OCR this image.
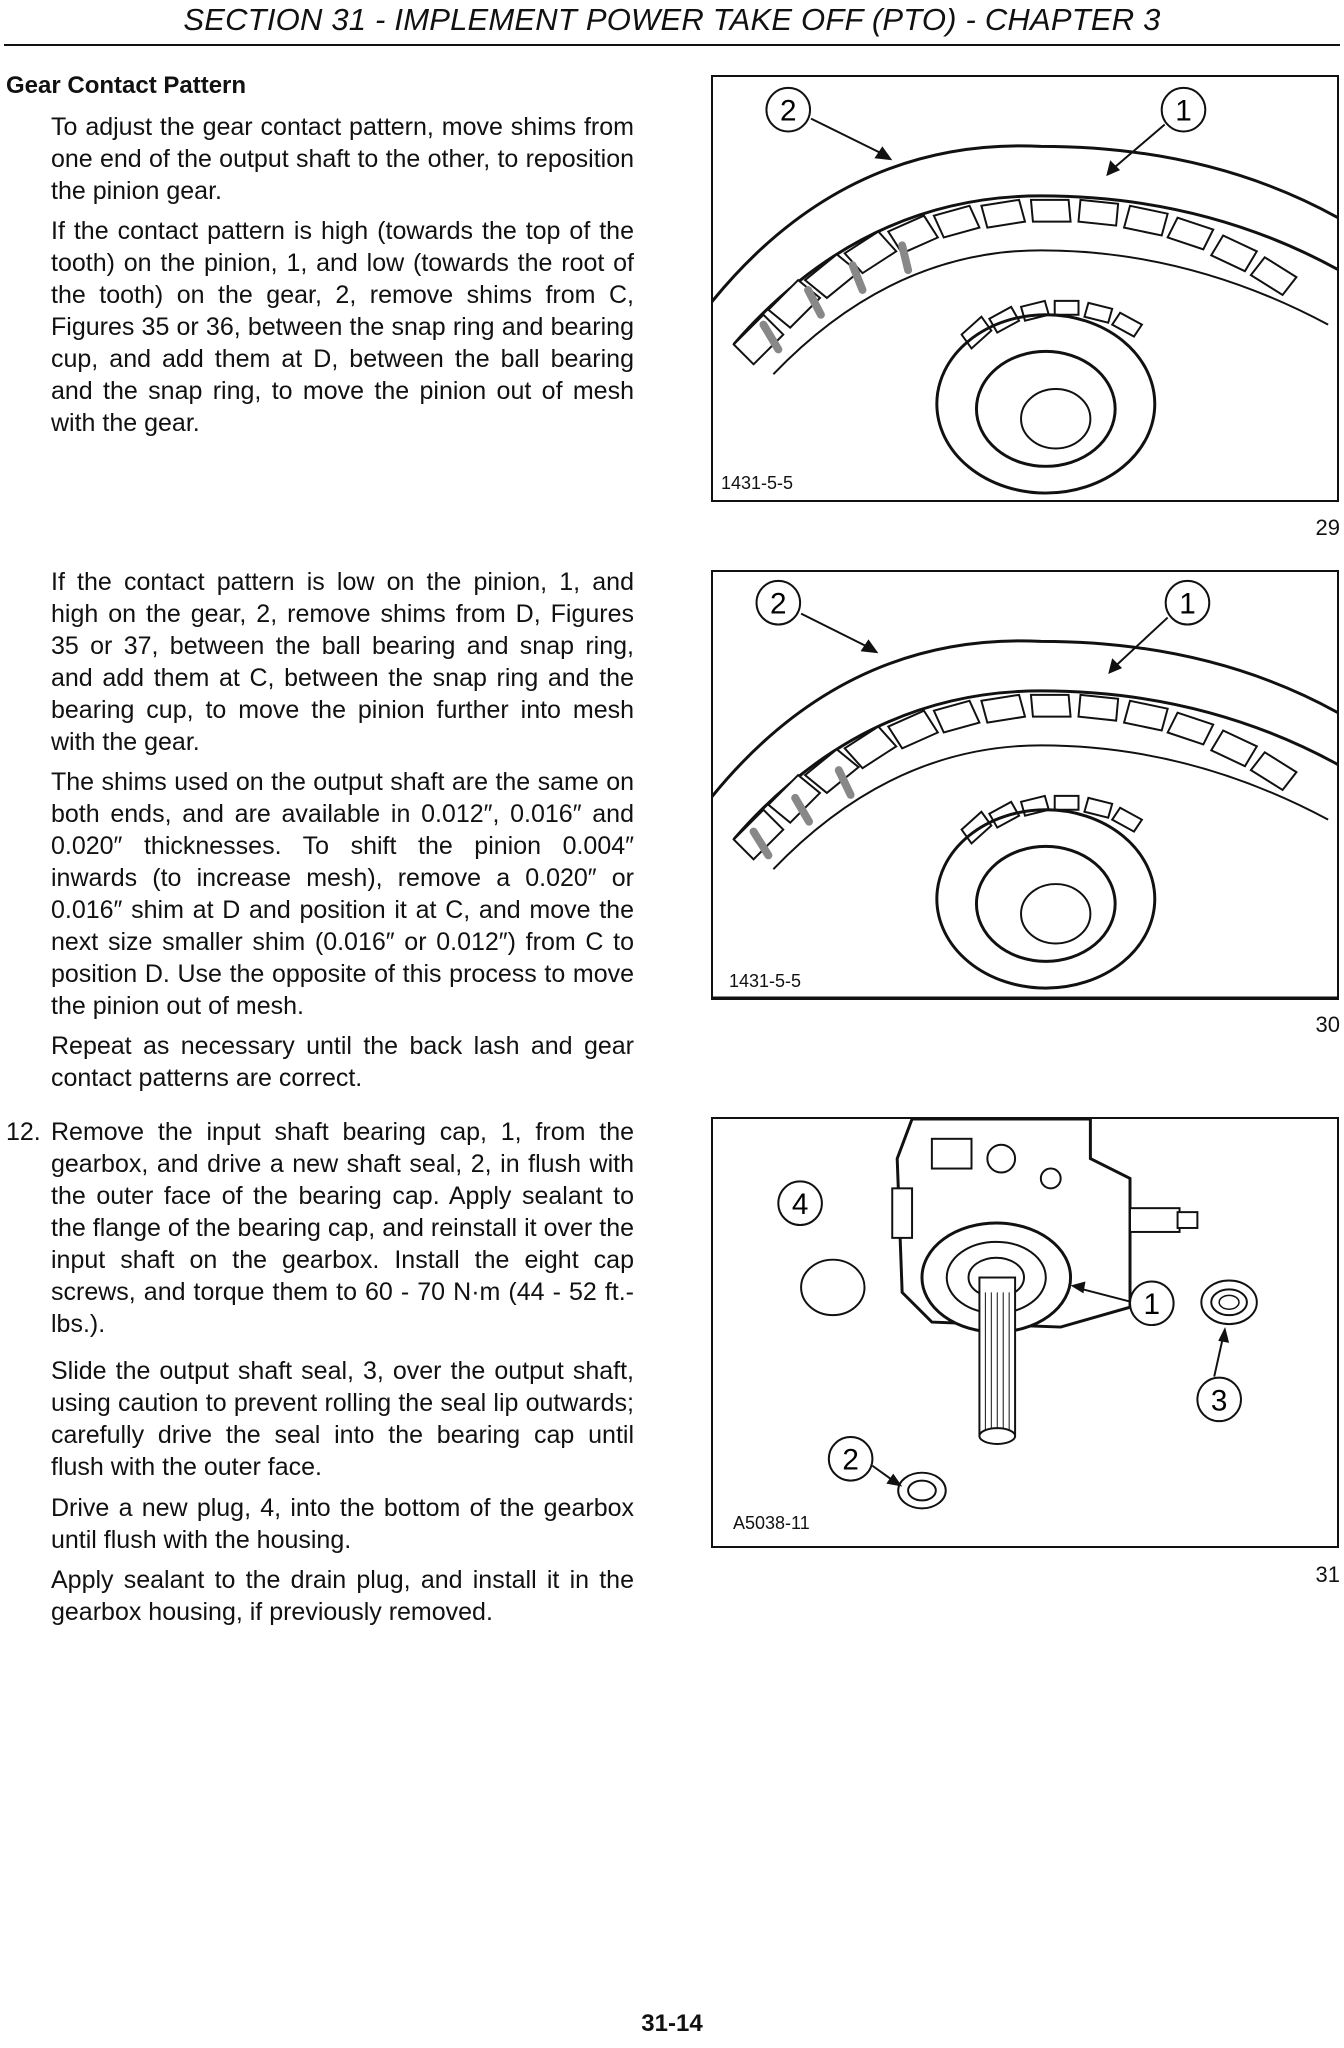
SECTION 31 - IMPLEMENT POWER TAKE OFF (PTO) - CHAPTER 3
Gear Contact Pattern
To adjust the gear contact pattern, move shims from one end of the output shaft to the other, to reposition the pinion gear.
If the contact pattern is high (towards the top of the tooth) on the pinion, 1, and low (towards the root of the tooth) on the gear, 2, remove shims from C, Figures 35 or 36, between the snap ring and bearing cup, and add them at D, between the ball bearing and the snap ring, to move the pinion out of mesh with the gear.
If the contact pattern is low on the pinion, 1, and high on the gear, 2, remove shims from D, Figures 35 or 37, between the ball bearing and snap ring, and add them at C, between the snap ring and the bearing cup, to move the pinion further into mesh with the gear.
The shims used on the output shaft are the same on both ends, and are available in 0.012″, 0.016″ and 0.020″ thicknesses. To shift the pinion 0.004″ inwards (to increase mesh), remove a 0.020″ or 0.016″ shim at D and position it at C, and move the next size smaller shim (0.016″ or 0.012″) from C to position D. Use the opposite of this process to move the pinion out of mesh.
Repeat as necessary until the back lash and gear contact patterns are correct.
12. Remove the input shaft bearing cap, 1, from the gearbox, and drive a new shaft seal, 2, in flush with the outer face of the bearing cap. Apply sealant to the flange of the bearing cap, and reinstall it over the input shaft on the gearbox. Install the eight cap screws, and torque them to 60 - 70 N·m (44 - 52 ft.-lbs.).
Slide the output shaft seal, 3, over the output shaft, using caution to prevent rolling the seal lip outwards; carefully drive the seal into the bearing cap until flush with the outer face.
Drive a new plug, 4, into the bottom of the gearbox until flush with the housing.
Apply sealant to the drain plug, and install it in the gearbox housing, if previously removed.
2	1
1431-5-5
29
2	1
1431-5-5
30
4
1
3
2
A5038-11
31
31-14
